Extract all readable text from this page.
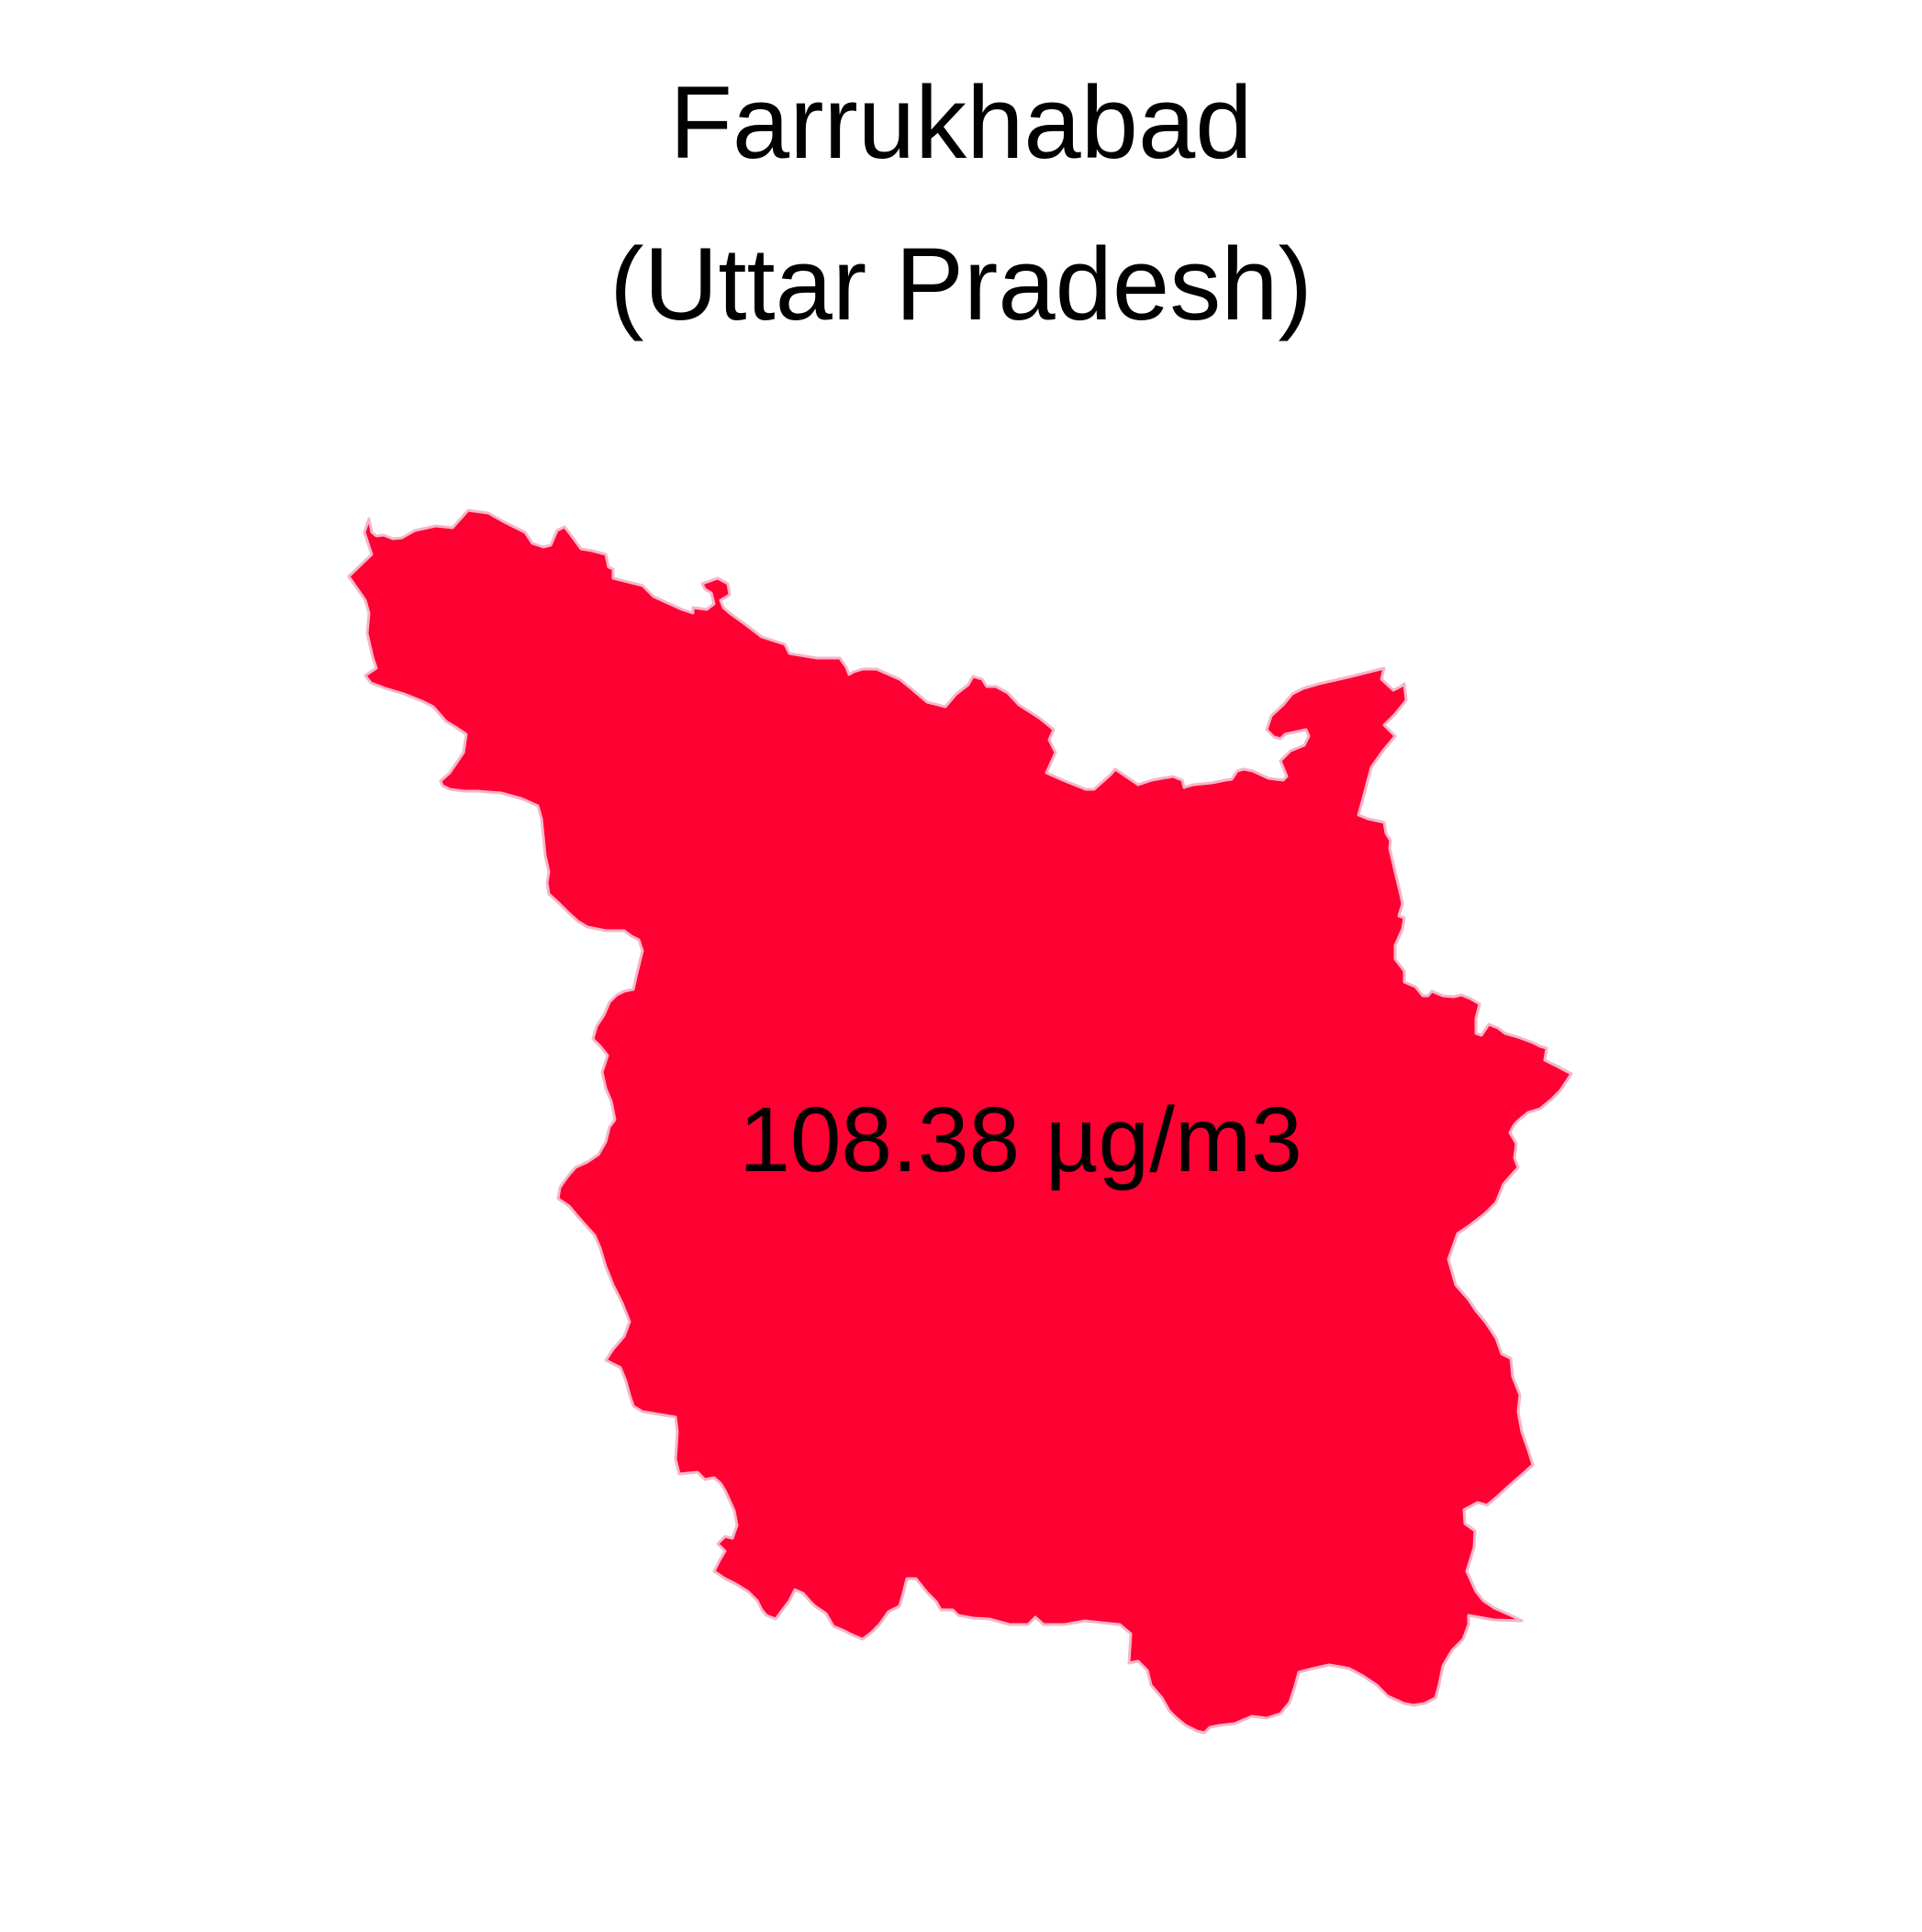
Farrukhabad
(Uttar Pradesh)
108.38 µg/m3
